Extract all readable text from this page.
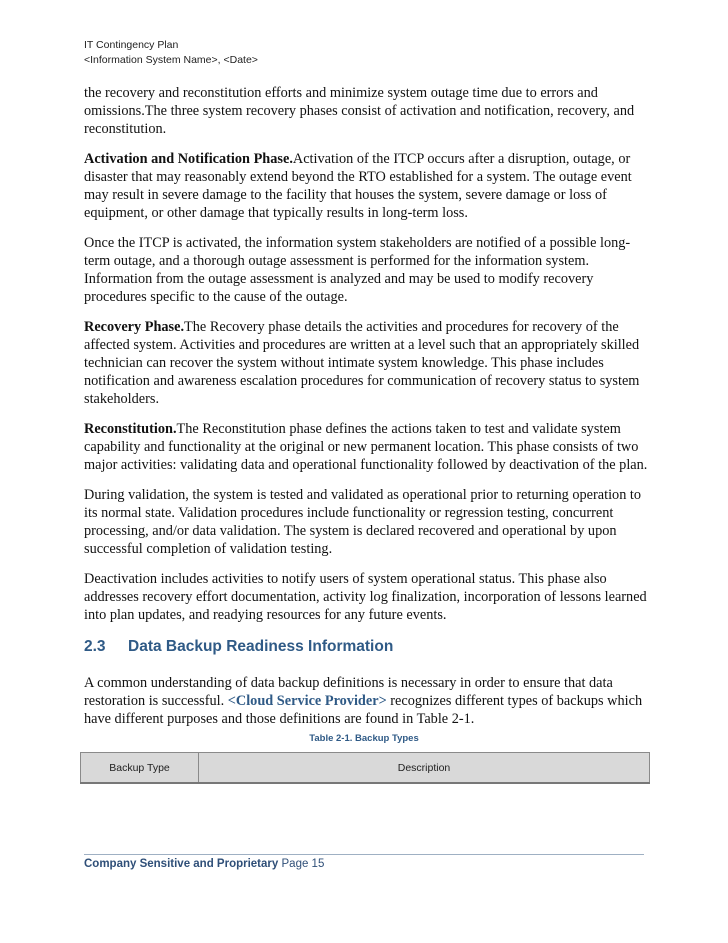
IT Contingency Plan
<Information System Name>, <Date>

the recovery and reconstitution efforts and minimize system outage time due to errors and omissions.The three system recovery phases consist of activation and notification, recovery, and reconstitution.

Activation and Notification Phase.Activation of the ITCP occurs after a disruption, outage, or disaster that may reasonably extend beyond the RTO established for a system. The outage event may result in severe damage to the facility that houses the system, severe damage or loss of equipment, or other damage that typically results in long-term loss.

Once the ITCP is activated, the information system stakeholders are notified of a possible long-term outage, and a thorough outage assessment is performed for the information system. Information from the outage assessment is analyzed and may be used to modify recovery procedures specific to the cause of the outage.

Recovery Phase.The Recovery phase details the activities and procedures for recovery of the affected system. Activities and procedures are written at a level such that an appropriately skilled technician can recover the system without intimate system knowledge. This phase includes notification and awareness escalation procedures for communication of recovery status to system stakeholders.

Reconstitution.The Reconstitution phase defines the actions taken to test and validate system capability and functionality at the original or new permanent location. This phase consists of two major activities: validating data and operational functionality followed by deactivation of the plan.

During validation, the system is tested and validated as operational prior to returning operation to its normal state. Validation procedures include functionality or regression testing, concurrent processing, and/or data validation. The system is declared recovered and operational by upon successful completion of validation testing.

Deactivation includes activities to notify users of system operational status. This phase also addresses recovery effort documentation, activity log finalization, incorporation of lessons learned into plan updates, and readying resources for any future events.

2.3 Data Backup Readiness Information
A common understanding of data backup definitions is necessary in order to ensure that data restoration is successful. <Cloud Service Provider> recognizes different types of backups which have different purposes and those definitions are found in Table 2-1.
Table 2-1. Backup Types
Backup Type	Description
Company Sensitive and Proprietary Page 15
